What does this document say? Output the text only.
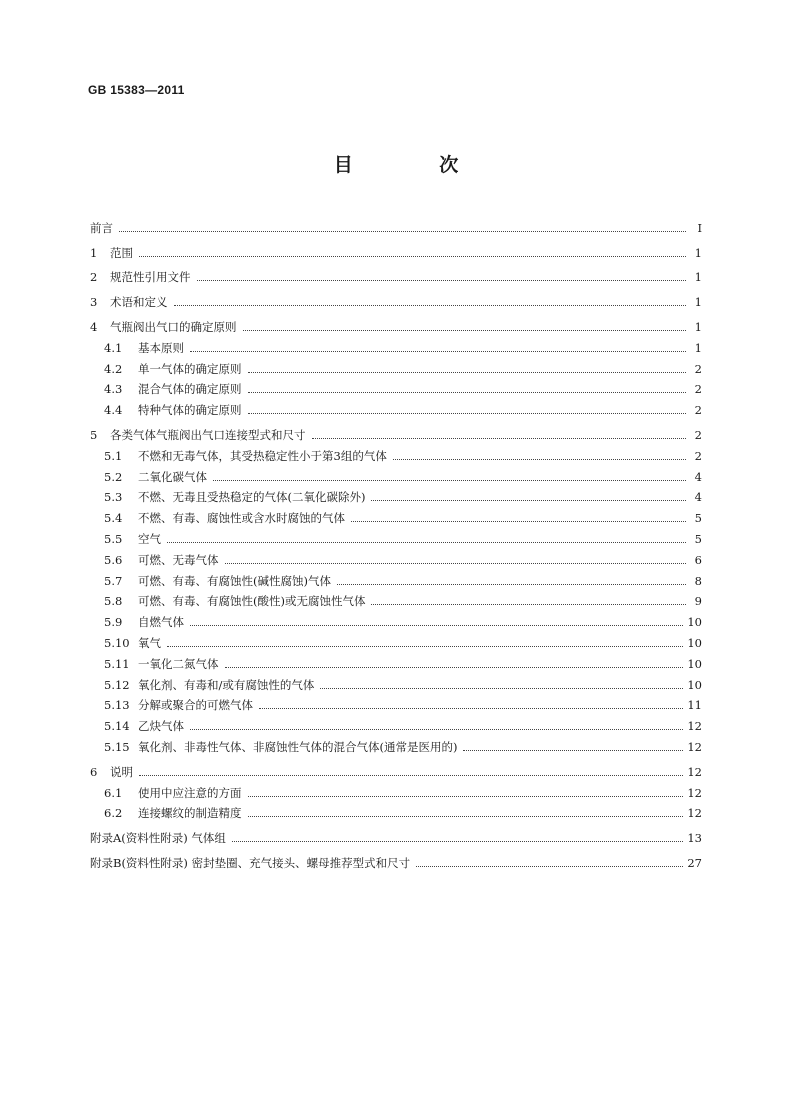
GB 15383—2011
目 次
前言	Ⅰ
1	范围	1
2	规范性引用文件	1
3	术语和定义	1
4	气瓶阀出气口的确定原则	1
4.1	基本原则	1
4.2	单一气体的确定原则	2
4.3	混合气体的确定原则	2
4.4	特种气体的确定原则	2
5	各类气体气瓶阀出气口连接型式和尺寸	2
5.1	不燃和无毒气体，其受热稳定性小于第3组的气体	2
5.2	二氧化碳气体	4
5.3	不燃、无毒且受热稳定的气体(二氧化碳除外)	4
5.4	不燃、有毒、腐蚀性或含水时腐蚀的气体	5
5.5	空气	5
5.6	可燃、无毒气体	6
5.7	可燃、有毒、有腐蚀性(碱性腐蚀)气体	8
5.8	可燃、有毒、有腐蚀性(酸性)或无腐蚀性气体	9
5.9	自燃气体	10
5.10 氧气	10
5.11 一氧化二氮气体	10
5.12 氧化剂、有毒和/或有腐蚀性的气体	10
5.13 分解或聚合的可燃气体	11
5.14 乙炔气体	12
5.15 氧化剂、非毒性气体、非腐蚀性气体的混合气体(通常是医用的)	12
6	说明	12
6.1	使用中应注意的方面	12
6.2	连接螺纹的制造精度	12
附录A(资料性附录) 气体组	13
附录B(资料性附录) 密封垫圈、充气接头、螺母推荐型式和尺寸	27
